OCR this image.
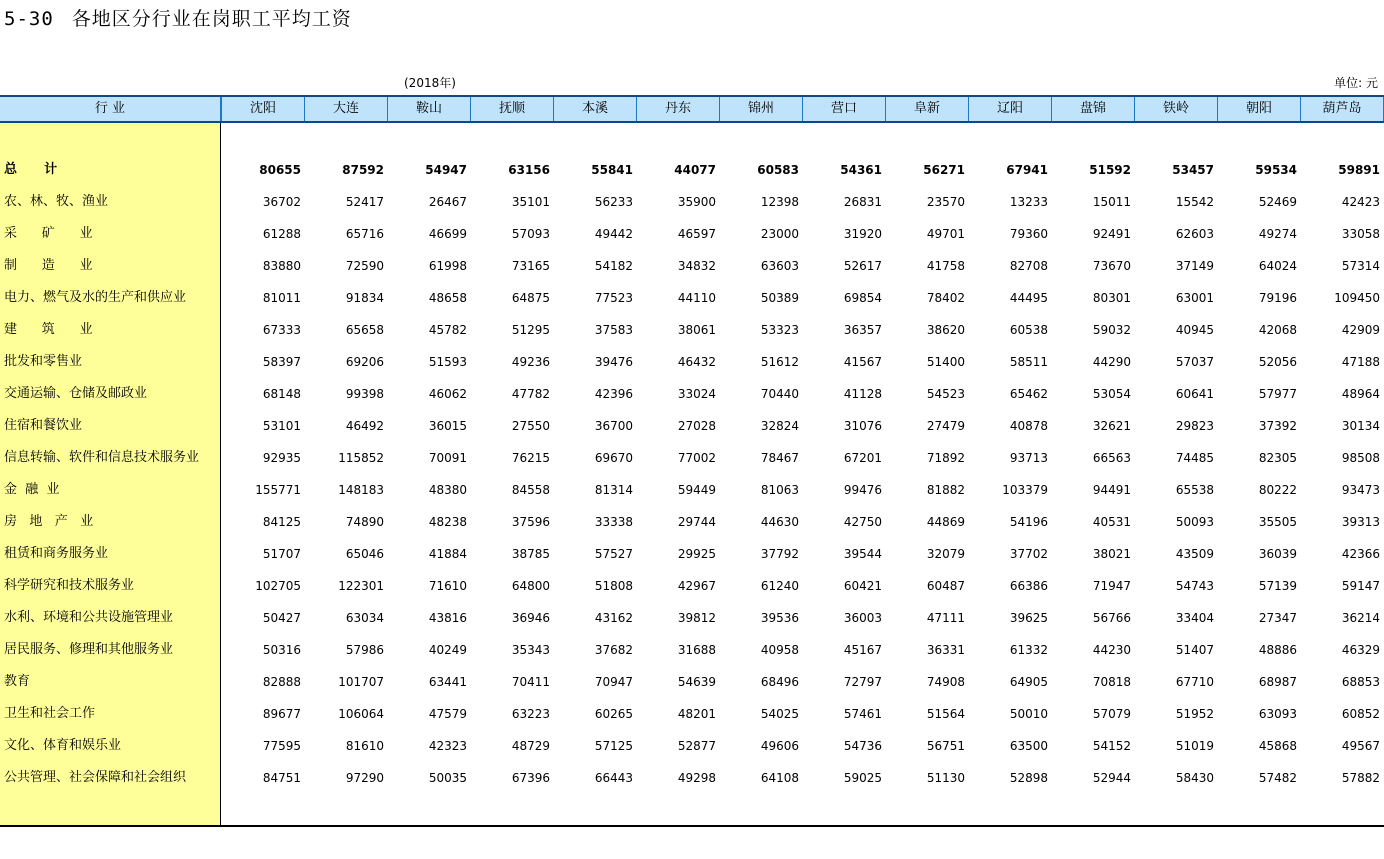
5-30 各地区分行业在岗职工平均工资
(2018年)	单位: 元
行 业	沈阳	大连	鞍山	抚顺	本溪	丹东	锦州	营口	阜新	辽阳	盘锦	铁岭	朝阳	葫芦岛
总      计	80655	87592	54947	63156	55841	44077	60583	54361	56271	67941	51592	53457	59534	59891
农、林、牧、渔业	36702	52417	26467	35101	56233	35900	12398	26831	23570	13233	15011	15542	52469	42423
采      矿      业	61288	65716	46699	57093	49442	46597	23000	31920	49701	79360	92491	62603	49274	33058
制      造      业	83880	72590	61998	73165	54182	34832	63603	52617	41758	82708	73670	37149	64024	57314
电力、燃气及水的生产和供应业	81011	91834	48658	64875	77523	44110	50389	69854	78402	44495	80301	63001	79196	109450
建      筑      业	67333	65658	45782	51295	37583	38061	53323	36357	38620	60538	59032	40945	42068	42909
批发和零售业	58397	69206	51593	49236	39476	46432	51612	41567	51400	58511	44290	57037	52056	47188
交通运输、仓储及邮政业	68148	99398	46062	47782	42396	33024	70440	41128	54523	65462	53054	60641	57977	48964
住宿和餐饮业	53101	46492	36015	27550	36700	27028	32824	31076	27479	40878	32621	29823	37392	30134
信息转输、软件和信息技术服务业	92935	115852	70091	76215	69670	77002	78467	67201	71892	93713	66563	74485	82305	98508
金  融  业	155771	148183	48380	84558	81314	59449	81063	99476	81882	103379	94491	65538	80222	93473
房   地   产   业	84125	74890	48238	37596	33338	29744	44630	42750	44869	54196	40531	50093	35505	39313
租赁和商务服务业	51707	65046	41884	38785	57527	29925	37792	39544	32079	37702	38021	43509	36039	42366
科学研究和技术服务业	102705	122301	71610	64800	51808	42967	61240	60421	60487	66386	71947	54743	57139	59147
水利、环境和公共设施管理业	50427	63034	43816	36946	43162	39812	39536	36003	47111	39625	56766	33404	27347	36214
居民服务、修理和其他服务业	50316	57986	40249	35343	37682	31688	40958	45167	36331	61332	44230	51407	48886	46329
教育	82888	101707	63441	70411	70947	54639	68496	72797	74908	64905	70818	67710	68987	68853
卫生和社会工作	89677	106064	47579	63223	60265	48201	54025	57461	51564	50010	57079	51952	63093	60852
文化、体育和娱乐业	77595	81610	42323	48729	57125	52877	49606	54736	56751	63500	54152	51019	45868	49567
公共管理、社会保障和社会组织	84751	97290	50035	67396	66443	49298	64108	59025	51130	52898	52944	58430	57482	57882
